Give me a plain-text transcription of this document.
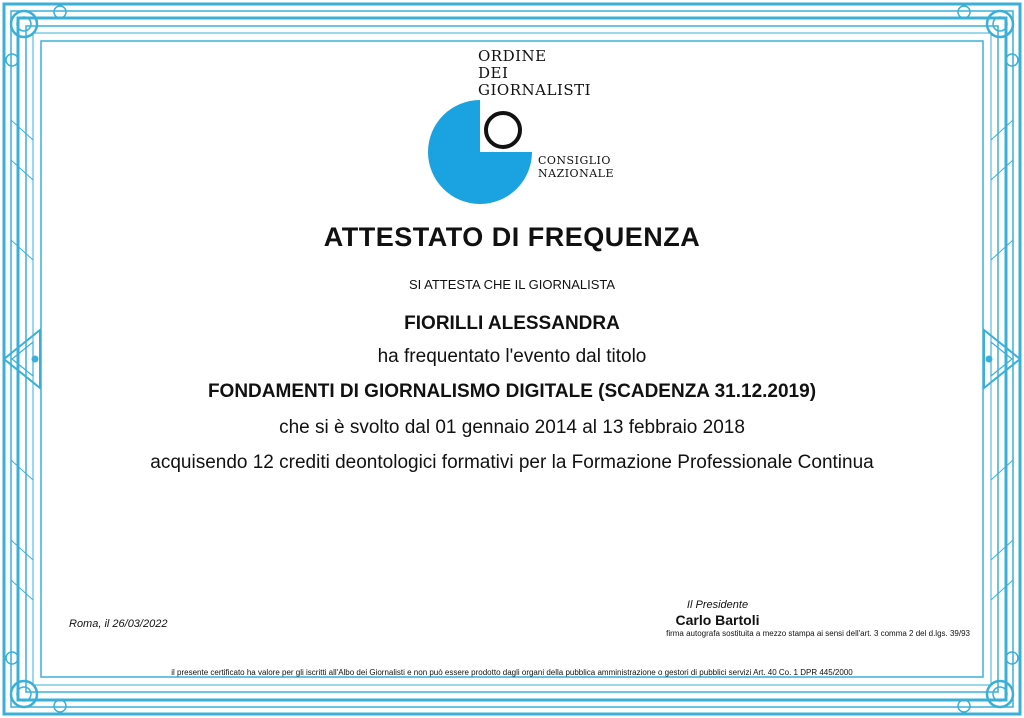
ORDINE
DEI
GIORNALISTI
CONSIGLIO
NAZIONALE
ATTESTATO DI FREQUENZA
SI ATTESTA CHE IL GIORNALISTA
FIORILLI ALESSANDRA
ha frequentato l'evento dal titolo
FONDAMENTI DI GIORNALISMO DIGITALE (SCADENZA 31.12.2019)
che si è svolto dal 01 gennaio 2014 al 13 febbraio 2018
acquisendo 12 crediti deontologici formativi per la Formazione Professionale Continua
Roma, il 26/03/2022
Il Presidente
Carlo Bartoli
firma autografa sostituita a mezzo stampa ai sensi dell'art. 3 comma 2 del d.lgs. 39/93
il presente certificato ha valore per gli iscritti all'Albo dei Giornalisti e non può essere prodotto dagli organi della pubblica amministrazione o gestori di pubblici servizi Art. 40 Co. 1 DPR 445/2000
